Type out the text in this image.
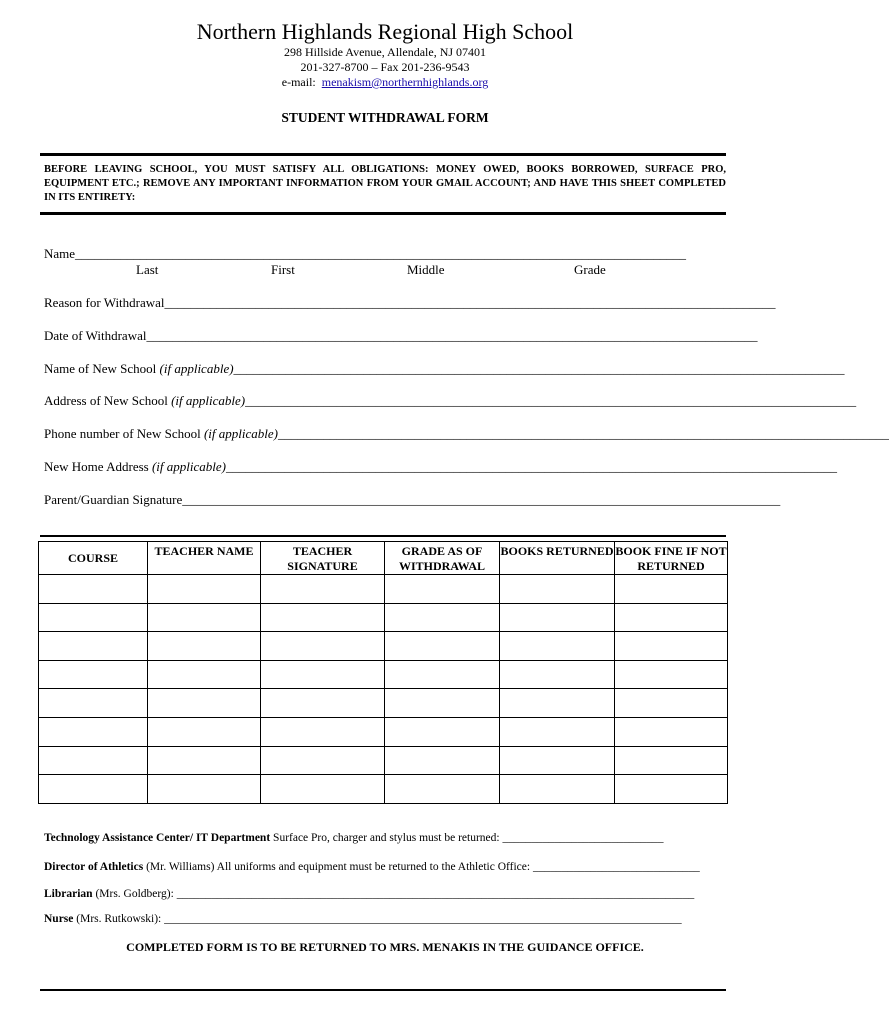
Northern Highlands Regional High School
298 Hillside Avenue, Allendale, NJ 07401
201-327-8700 – Fax 201-236-9543
e-mail: menakism@northernhighlands.org
STUDENT WITHDRAWAL FORM
BEFORE LEAVING SCHOOL, YOU MUST SATISFY ALL OBLIGATIONS: MONEY OWED, BOOKS BORROWED, SURFACE PRO, EQUIPMENT ETC.; REMOVE ANY IMPORTANT INFORMATION FROM YOUR GMAIL ACCOUNT; AND HAVE THIS SHEET COMPLETED IN ITS ENTIRETY:
Name______________________________________________________________________________________________
Last	First	Middle	Grade
Reason for Withdrawal______________________________________________________________________________________________
Date of Withdrawal______________________________________________________________________________________________
Name of New School (if applicable)______________________________________________________________________________________________
Address of New School (if applicable)______________________________________________________________________________________________
Phone number of New School (if applicable)______________________________________________________________________________________________
New Home Address (if applicable)______________________________________________________________________________________________
Parent/Guardian Signature____________________________________________________________________________________________
COURSE	TEACHER NAME	TEACHER SIGNATURE	GRADE AS OF WITHDRAWAL	BOOKS RETURNED	BOOK FINE IF NOT RETURNED

Technology Assistance Center/ IT Department Surface Pro, charger and stylus must be returned: ____________________________
Director of Athletics (Mr. Williams) All uniforms and equipment must be returned to the Athletic Office: _____________________________
Librarian (Mrs. Goldberg): __________________________________________________________________________________________
Nurse (Mrs. Rutkowski): __________________________________________________________________________________________
COMPLETED FORM IS TO BE RETURNED TO MRS. MENAKIS IN THE GUIDANCE OFFICE.
